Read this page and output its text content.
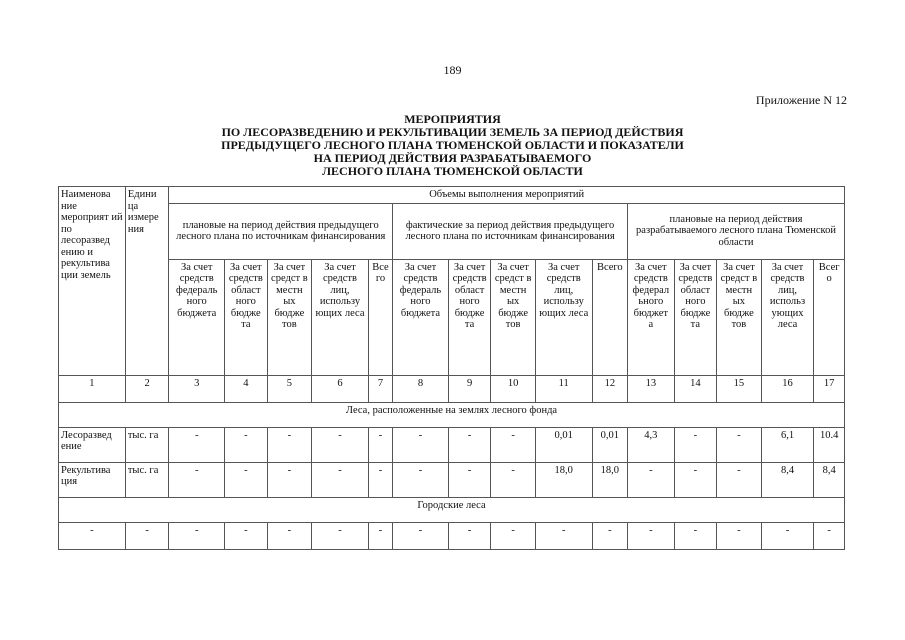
189
Приложение N 12
МЕРОПРИЯТИЯ
ПО ЛЕСОРАЗВЕДЕНИЮ И РЕКУЛЬТИВАЦИИ ЗЕМЕЛЬ ЗА ПЕРИОД ДЕЙСТВИЯ
ПРЕДЫДУЩЕГО ЛЕСНОГО ПЛАНА ТЮМЕНСКОЙ ОБЛАСТИ И ПОКАЗАТЕЛИ
НА ПЕРИОД ДЕЙСТВИЯ РАЗРАБАТЫВАЕМОГО
ЛЕСНОГО ПЛАНА ТЮМЕНСКОЙ ОБЛАСТИ
Наименова ние мероприят ий по лесоразвед ению и рекультива ции земель	Едини ца измере ния	Объемы выполнения мероприятий														
		плановые на период действия предыдущего лесного плана по источникам финансирования					фактические за период действия предыдущего лесного плана по источникам финансирования					плановые на период действия разрабатываемого лесного плана Тюменской области				
		За счет средств федераль ного бюджета	За счет средств област ного бюдже та	За счет средст в местн ых бюдже тов	За счет средств лиц, использу ющих леса	Все го	За счет средств федераль ного бюджета	За счет средств област ного бюдже та	За счет средст в местн ых бюдже тов	За счет средств лиц, использу ющих леса	Всего	За счет средств федерал ьного бюджет а	За счет средств област ного бюдже та	За счет средст в местн ых бюдже тов	За счет средств лиц, использ ующих леса	Всег о
1	2	3	4	5	6	7	8	9	10	11	12	13	14	15	16	17
Леса, расположенные на землях лесного фонда																
Лесоразвед ение	тыс. га	-	-	-	-	-	-	-	-	0,01	0,01	4,3	-	-	6,1	10.4
Рекультива ция	тыс. га	-	-	-	-	-	-	-	-	18,0	18,0	-	-	-	8,4	8,4
Городские леса																
-	-	-	-	-	-	-	-	-	-	-	-	-	-	-	-	-
